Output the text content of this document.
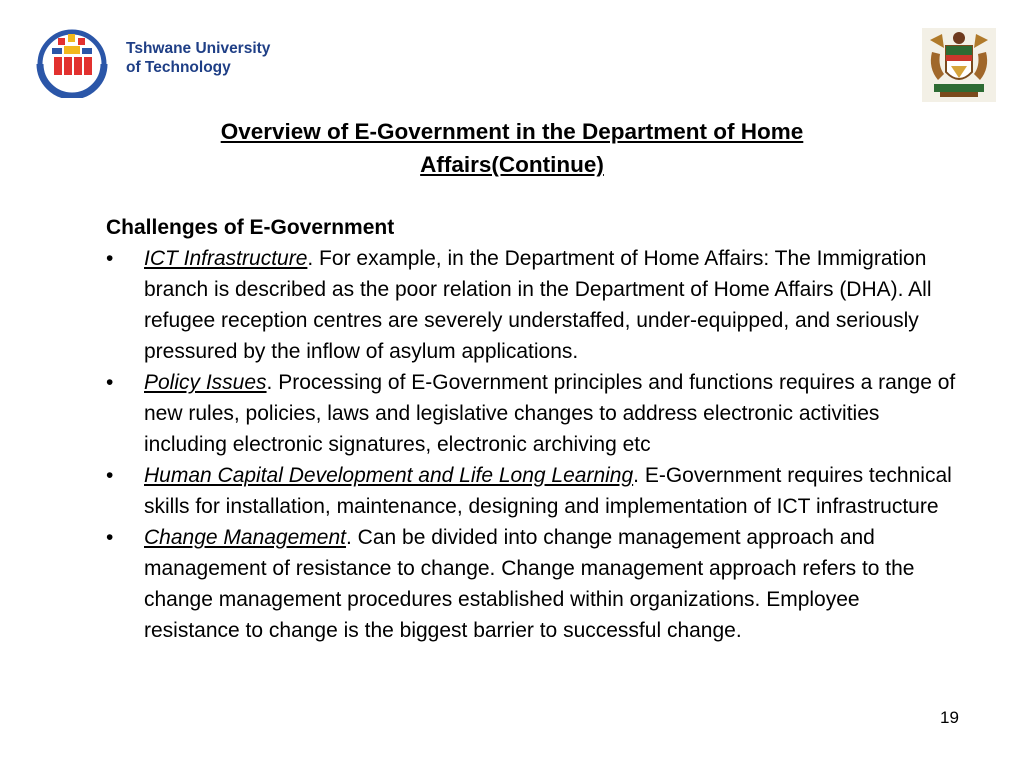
Tshwane University
of Technology
Overview of E-Government in the Department of Home
Affairs(Continue)

Challenges of E-Government

• ICT Infrastructure. For example, in the Department of Home Affairs: The Immigration branch is described as the poor relation in the Department of Home Affairs (DHA). All refugee reception centres are severely understaffed, under-equipped, and seriously pressured by the inflow of asylum applications.
• Policy Issues. Processing of E-Government principles and functions requires a range of new rules, policies, laws and legislative changes to address electronic activities including electronic signatures, electronic archiving etc
• Human Capital Development and Life Long Learning. E-Government requires technical skills for installation, maintenance, designing and implementation of ICT infrastructure
• Change Management. Can be divided into change management approach and management of resistance to change. Change management approach refers to the change management procedures established within organizations. Employee resistance to change is the biggest barrier to successful change.
19
